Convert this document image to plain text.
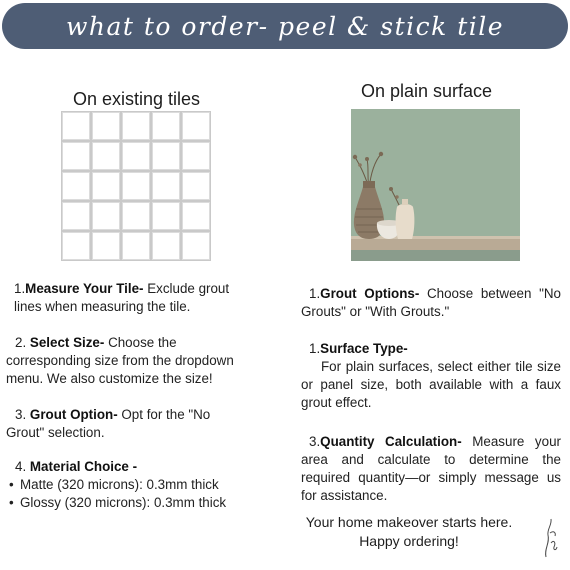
what to order- peel & stick tile
On existing tiles
1.Measure Your Tile- Exclude grout lines when measuring the tile.
2. Select Size- Choose the corresponding size from the dropdown menu. We also customize the size!
3. Grout Option- Opt for the "No Grout" selection.
4. Material Choice -
• Matte (320 microns): 0.3mm thick
• Glossy (320 microns): 0.3mm thick
On plain surface
1.Grout Options- Choose between "No Grouts" or "With Grouts."
1.Surface Type-
For plain surfaces, select either tile size or panel size, both available with a faux grout effect.
3.Quantity Calculation- Measure your area and calculate to determine the required quantity—or simply message us for assistance.
Your home makeover starts here.
Happy ordering!
